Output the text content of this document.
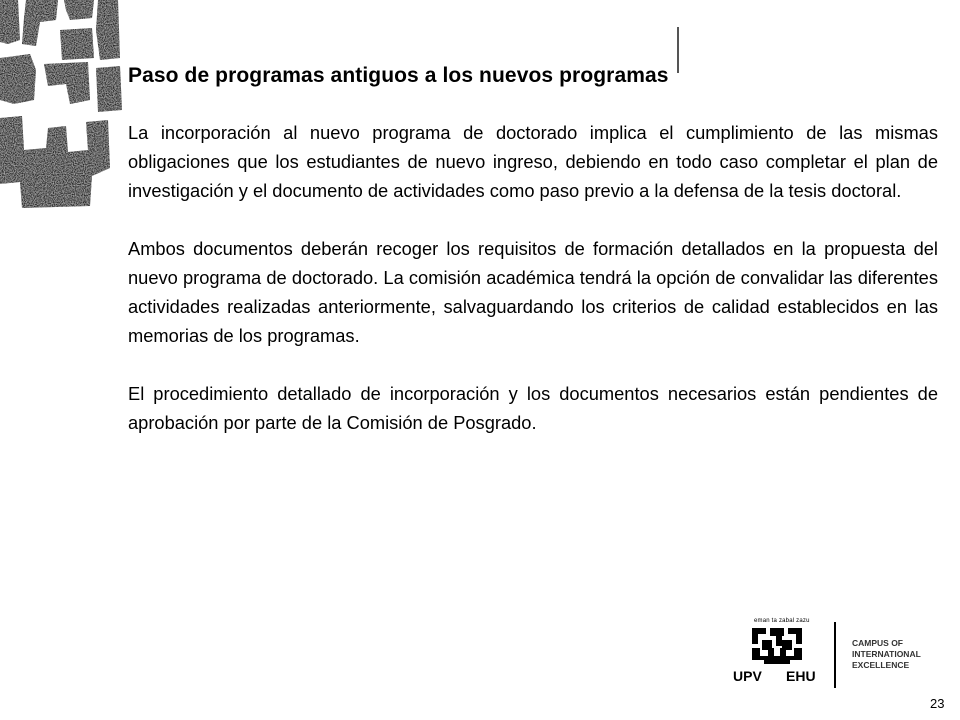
Paso de programas antiguos a los nuevos programas

La incorporación al nuevo programa de doctorado implica el cumplimiento de las mismas obligaciones que los estudiantes de nuevo ingreso, debiendo en todo caso completar el plan de investigación y el documento de actividades como paso previo a la defensa de la tesis doctoral.

Ambos documentos deberán recoger los requisitos de formación detallados en la propuesta del nuevo programa de doctorado. La comisión académica tendrá la opción de convalidar las diferentes actividades realizadas anteriormente, salvaguardando los criterios de calidad establecidos en las memorias de los programas.

El procedimiento detallado de incorporación y los documentos necesarios están pendientes de aprobación por parte de la Comisión de Posgrado.

eman ta zabal zazu
UPV EHU
CAMPUS OF
INTERNATIONAL
EXCELLENCE
23
